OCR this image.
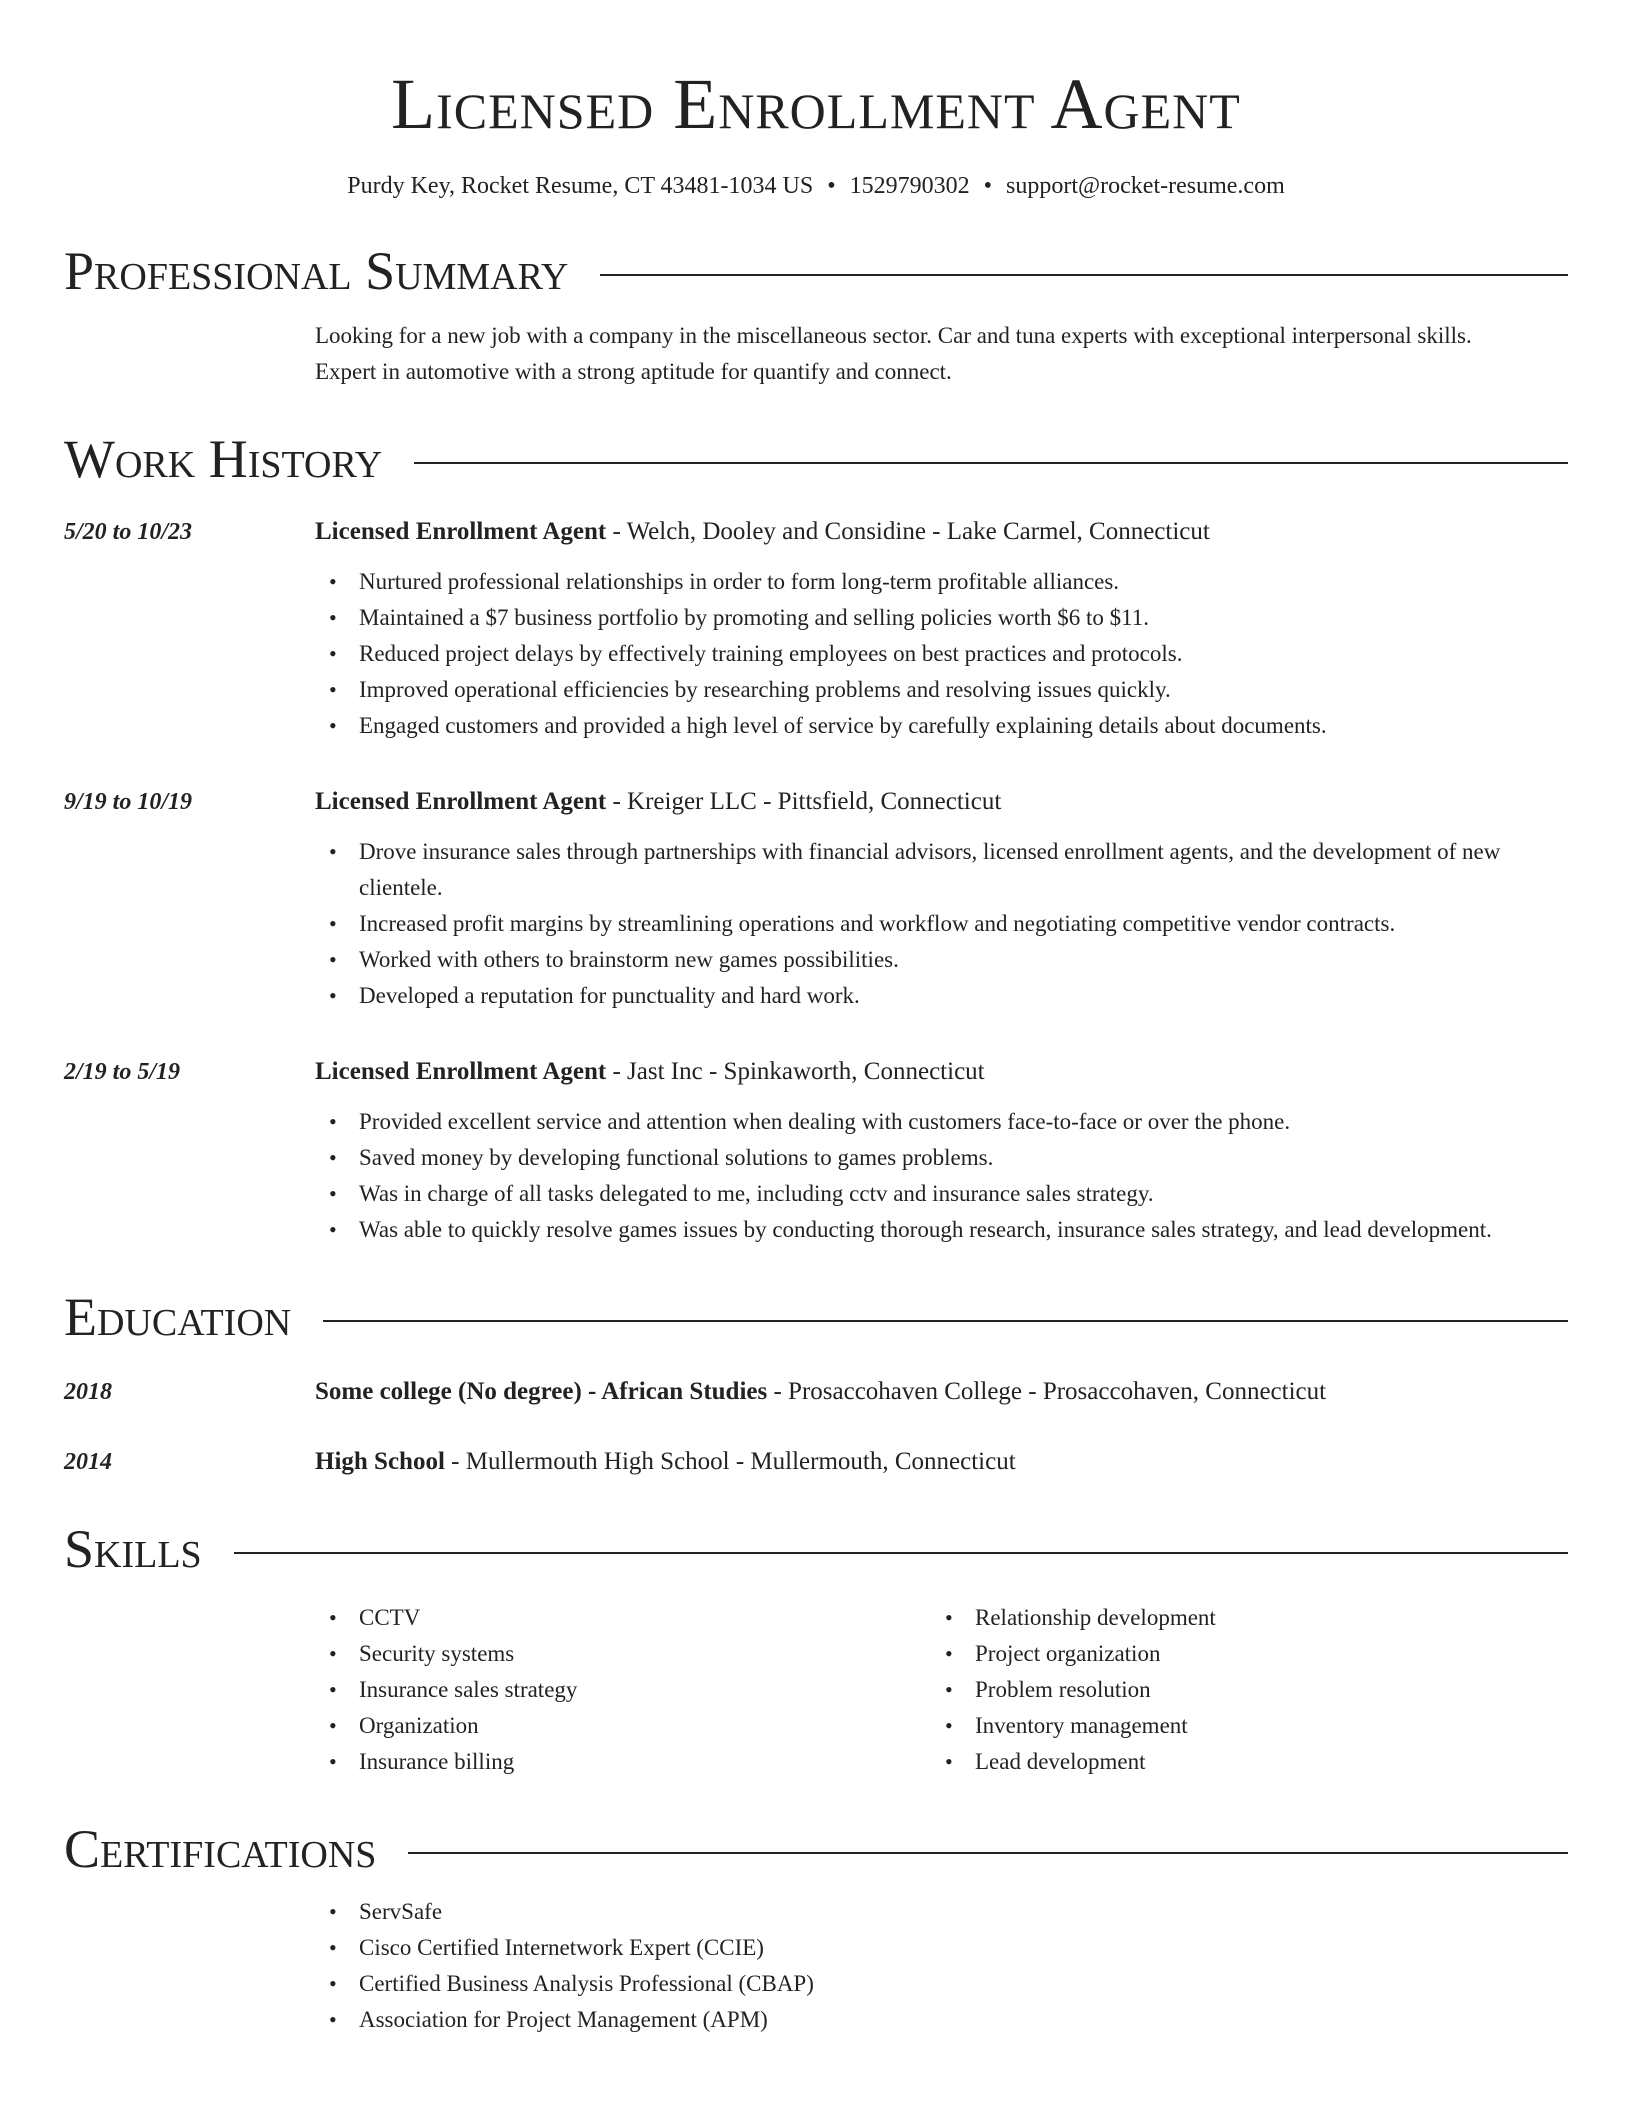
Licensed Enrollment Agent
Purdy Key, Rocket Resume, CT 43481-1034 US • 1529790302 • support@rocket-resume.com
Professional Summary

Looking for a new job with a company in the miscellaneous sector. Car and tuna experts with exceptional interpersonal skills. Expert in automotive with a strong aptitude for quantify and connect.

Work History
5/20 to 10/23	Licensed Enrollment Agent - Welch, Dooley and Considine - Lake Carmel, Connecticut
• Nurtured professional relationships in order to form long-term profitable alliances.
• Maintained a $7 business portfolio by promoting and selling policies worth $6 to $11.
• Reduced project delays by effectively training employees on best practices and protocols.
• Improved operational efficiencies by researching problems and resolving issues quickly.
• Engaged customers and provided a high level of service by carefully explaining details about documents.
9/19 to 10/19	Licensed Enrollment Agent - Kreiger LLC - Pittsfield, Connecticut
• Drove insurance sales through partnerships with financial advisors, licensed enrollment agents, and the development of new clientele.
• Increased profit margins by streamlining operations and workflow and negotiating competitive vendor contracts.
• Worked with others to brainstorm new games possibilities.
• Developed a reputation for punctuality and hard work.
2/19 to 5/19	Licensed Enrollment Agent - Jast Inc - Spinkaworth, Connecticut
• Provided excellent service and attention when dealing with customers face-to-face or over the phone.
• Saved money by developing functional solutions to games problems.
• Was in charge of all tasks delegated to me, including cctv and insurance sales strategy.
• Was able to quickly resolve games issues by conducting thorough research, insurance sales strategy, and lead development.
Education
2018	Some college (No degree) - African Studies - Prosaccohaven College - Prosaccohaven, Connecticut
2014	High School - Mullermouth High School - Mullermouth, Connecticut
Skills
• CCTV
• Security systems
• Insurance sales strategy
• Organization
• Insurance billing
• Relationship development
• Project organization
• Problem resolution
• Inventory management
• Lead development
Certifications
• ServSafe
• Cisco Certified Internetwork Expert (CCIE)
• Certified Business Analysis Professional (CBAP)
• Association for Project Management (APM)
